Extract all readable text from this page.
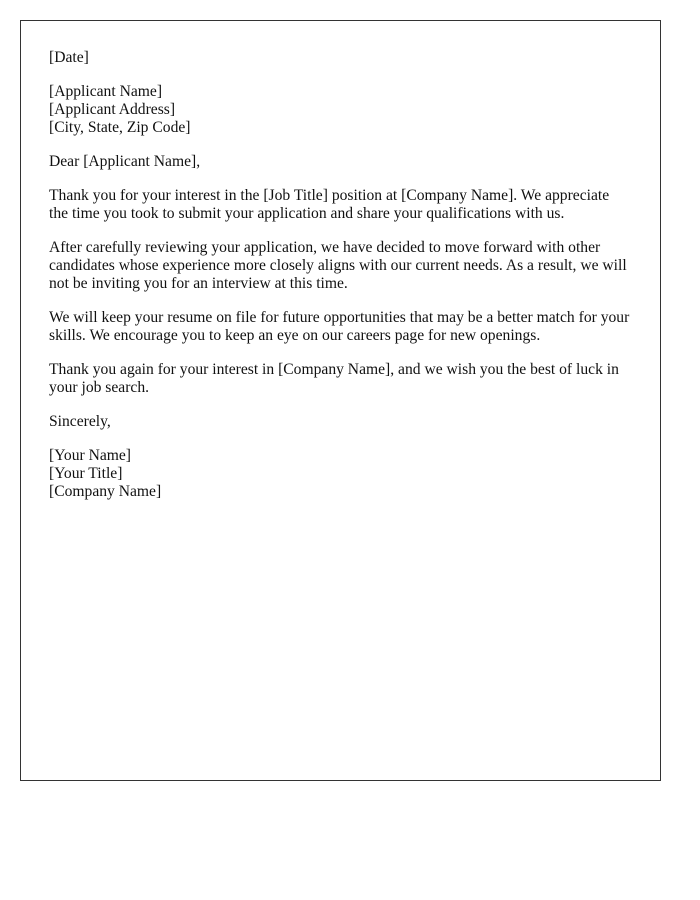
[Date]

[Applicant Name]
[Applicant Address]
[City, State, Zip Code]

Dear [Applicant Name],

Thank you for your interest in the [Job Title] position at [Company Name]. We appreciate the time you took to submit your application and share your qualifications with us.

After carefully reviewing your application, we have decided to move forward with other candidates whose experience more closely aligns with our current needs. As a result, we will not be inviting you for an interview at this time.

We will keep your resume on file for future opportunities that may be a better match for your skills. We encourage you to keep an eye on our careers page for new openings.

Thank you again for your interest in [Company Name], and we wish you the best of luck in your job search.

Sincerely,

[Your Name]
[Your Title]
[Company Name]
